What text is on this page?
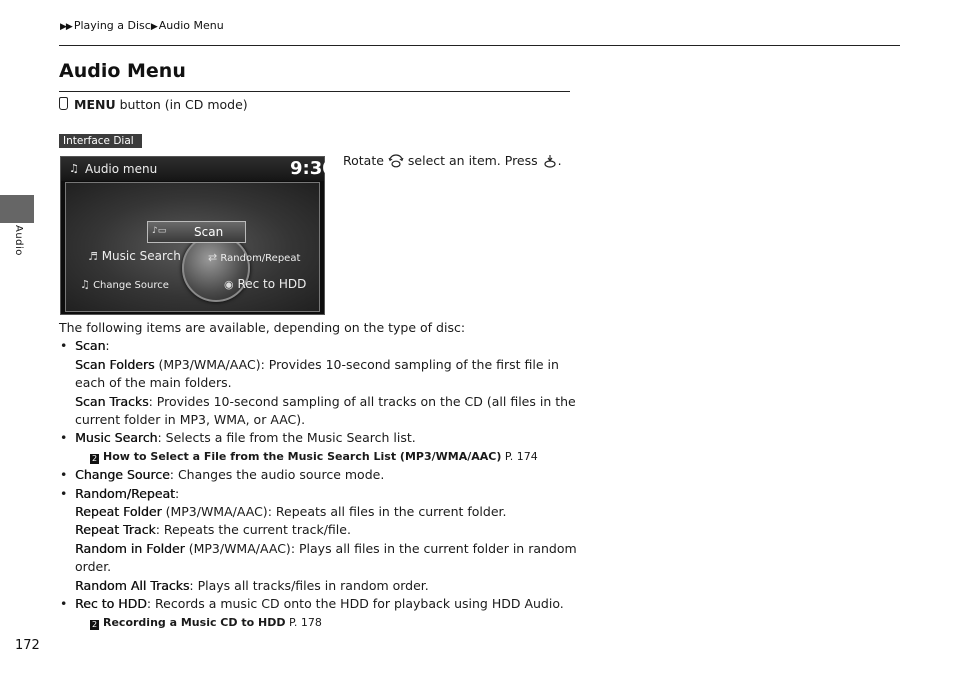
▶▶ Playing a Disc▶ Audio Menu
Audio
Audio Menu
MENU button (in CD mode)
Interface Dial
♫ Audio menu	9:30
♪▭ Scan
♬ Music Search ⇄ Random/Repeat
♫ Change Source	◉ Rec to HDD
Rotate  select an item. Press .

The following items are available, depending on the type of disc:

• Scan:
Scan Folders (MP3/WMA/AAC): Provides 10-second sampling of the first file in each of the main folders.
Scan Tracks: Provides 10-second sampling of all tracks on the CD (all files in the current folder in MP3, WMA, or AAC).
• Music Search: Selects a file from the Music Search list.
2 How to Select a File from the Music Search List (MP3/WMA/AAC) P. 174
• Change Source: Changes the audio source mode.
• Random/Repeat:
Repeat Folder (MP3/WMA/AAC): Repeats all files in the current folder.
Repeat Track: Repeats the current track/file.
Random in Folder (MP3/WMA/AAC): Plays all files in the current folder in random order.
Random All Tracks: Plays all tracks/files in random order.
• Rec to HDD: Records a music CD onto the HDD for playback using HDD Audio.
2 Recording a Music CD to HDD P. 178
172
